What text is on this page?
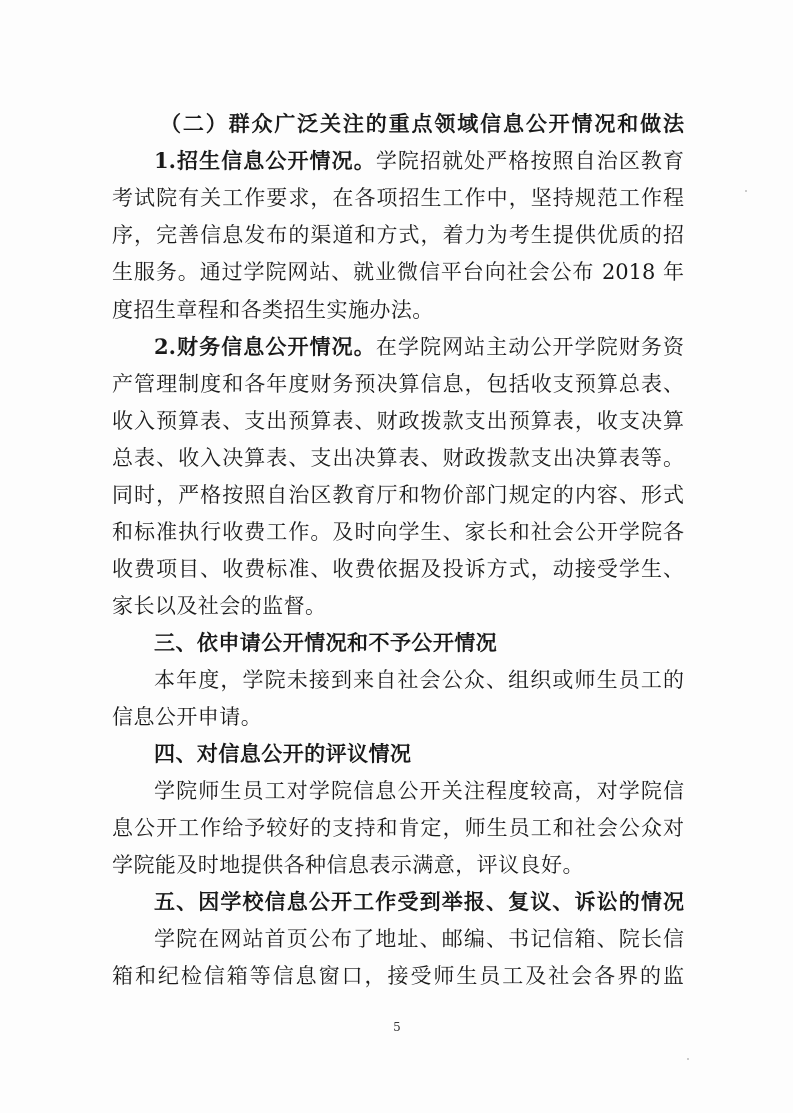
（二）群众广泛关注的重点领域信息公开情况和做法
1.招生信息公开情况。学院招就处严格按照自治区教育
考试院有关工作要求，在各项招生工作中，坚持规范工作程
序，完善信息发布的渠道和方式，着力为考生提供优质的招
生服务。通过学院网站、就业微信平台向社会公布 2018 年
度招生章程和各类招生实施办法。
2.财务信息公开情况。在学院网站主动公开学院财务资
产管理制度和各年度财务预决算信息，包括收支预算总表、
收入预算表、支出预算表、财政拨款支出预算表，收支决算
总表、收入决算表、支出决算表、财政拨款支出决算表等。
同时，严格按照自治区教育厅和物价部门规定的内容、形式
和标准执行收费工作。及时向学生、家长和社会公开学院各
收费项目、收费标准、收费依据及投诉方式，动接受学生、
家长以及社会的监督。
三、依申请公开情况和不予公开情况
本年度，学院未接到来自社会公众、组织或师生员工的
信息公开申请。
四、对信息公开的评议情况
学院师生员工对学院信息公开关注程度较高，对学院信
息公开工作给予较好的支持和肯定，师生员工和社会公众对
学院能及时地提供各种信息表示满意，评议良好。
五、因学校信息公开工作受到举报、复议、诉讼的情况
学院在网站首页公布了地址、邮编、书记信箱、院长信
箱和纪检信箱等信息窗口，接受师生员工及社会各界的监
5
